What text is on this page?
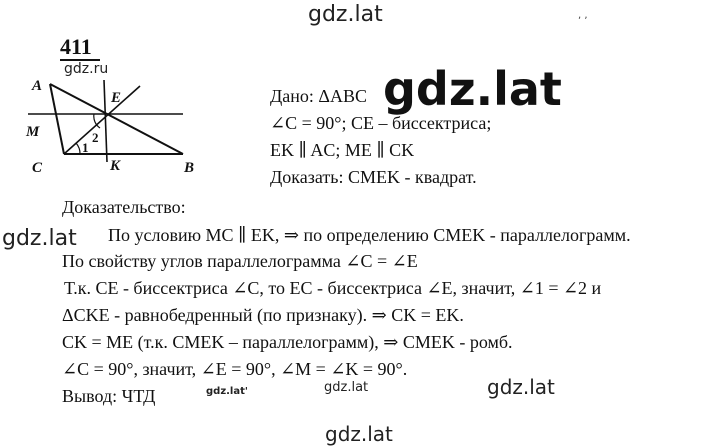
gdz.lat	, ,
411
gdz.ru
A
E
M
C	K	B
1
2
Дано: ΔABC gdz.lat
∠C = 90°; CE – биссектриса;
EK ∥ AC; ME ∥ CK
Доказать: CMEK - квадрат.
Доказательство:
gdz.lat По условию MC ∥ EK, ⇒ по определению CMEK - параллелограмм.
По свойству углов параллелограмма ∠C = ∠E
Т.к. CE - биссектриса ∠C, то EC - биссектриса ∠E, значит, ∠1 = ∠2 и
ΔCKE - равнобедренный (по признаку). ⇒ CK = EK.
CK = ME (т.к. CMEK – параллелограмм), ⇒ CMEK - ромб.
∠C = 90°, значит, ∠E = 90°, ∠M = ∠K = 90°.
Вывод: ЧТД	gdz.lat'	gdz.lat	gdz.lat
gdz.lat
